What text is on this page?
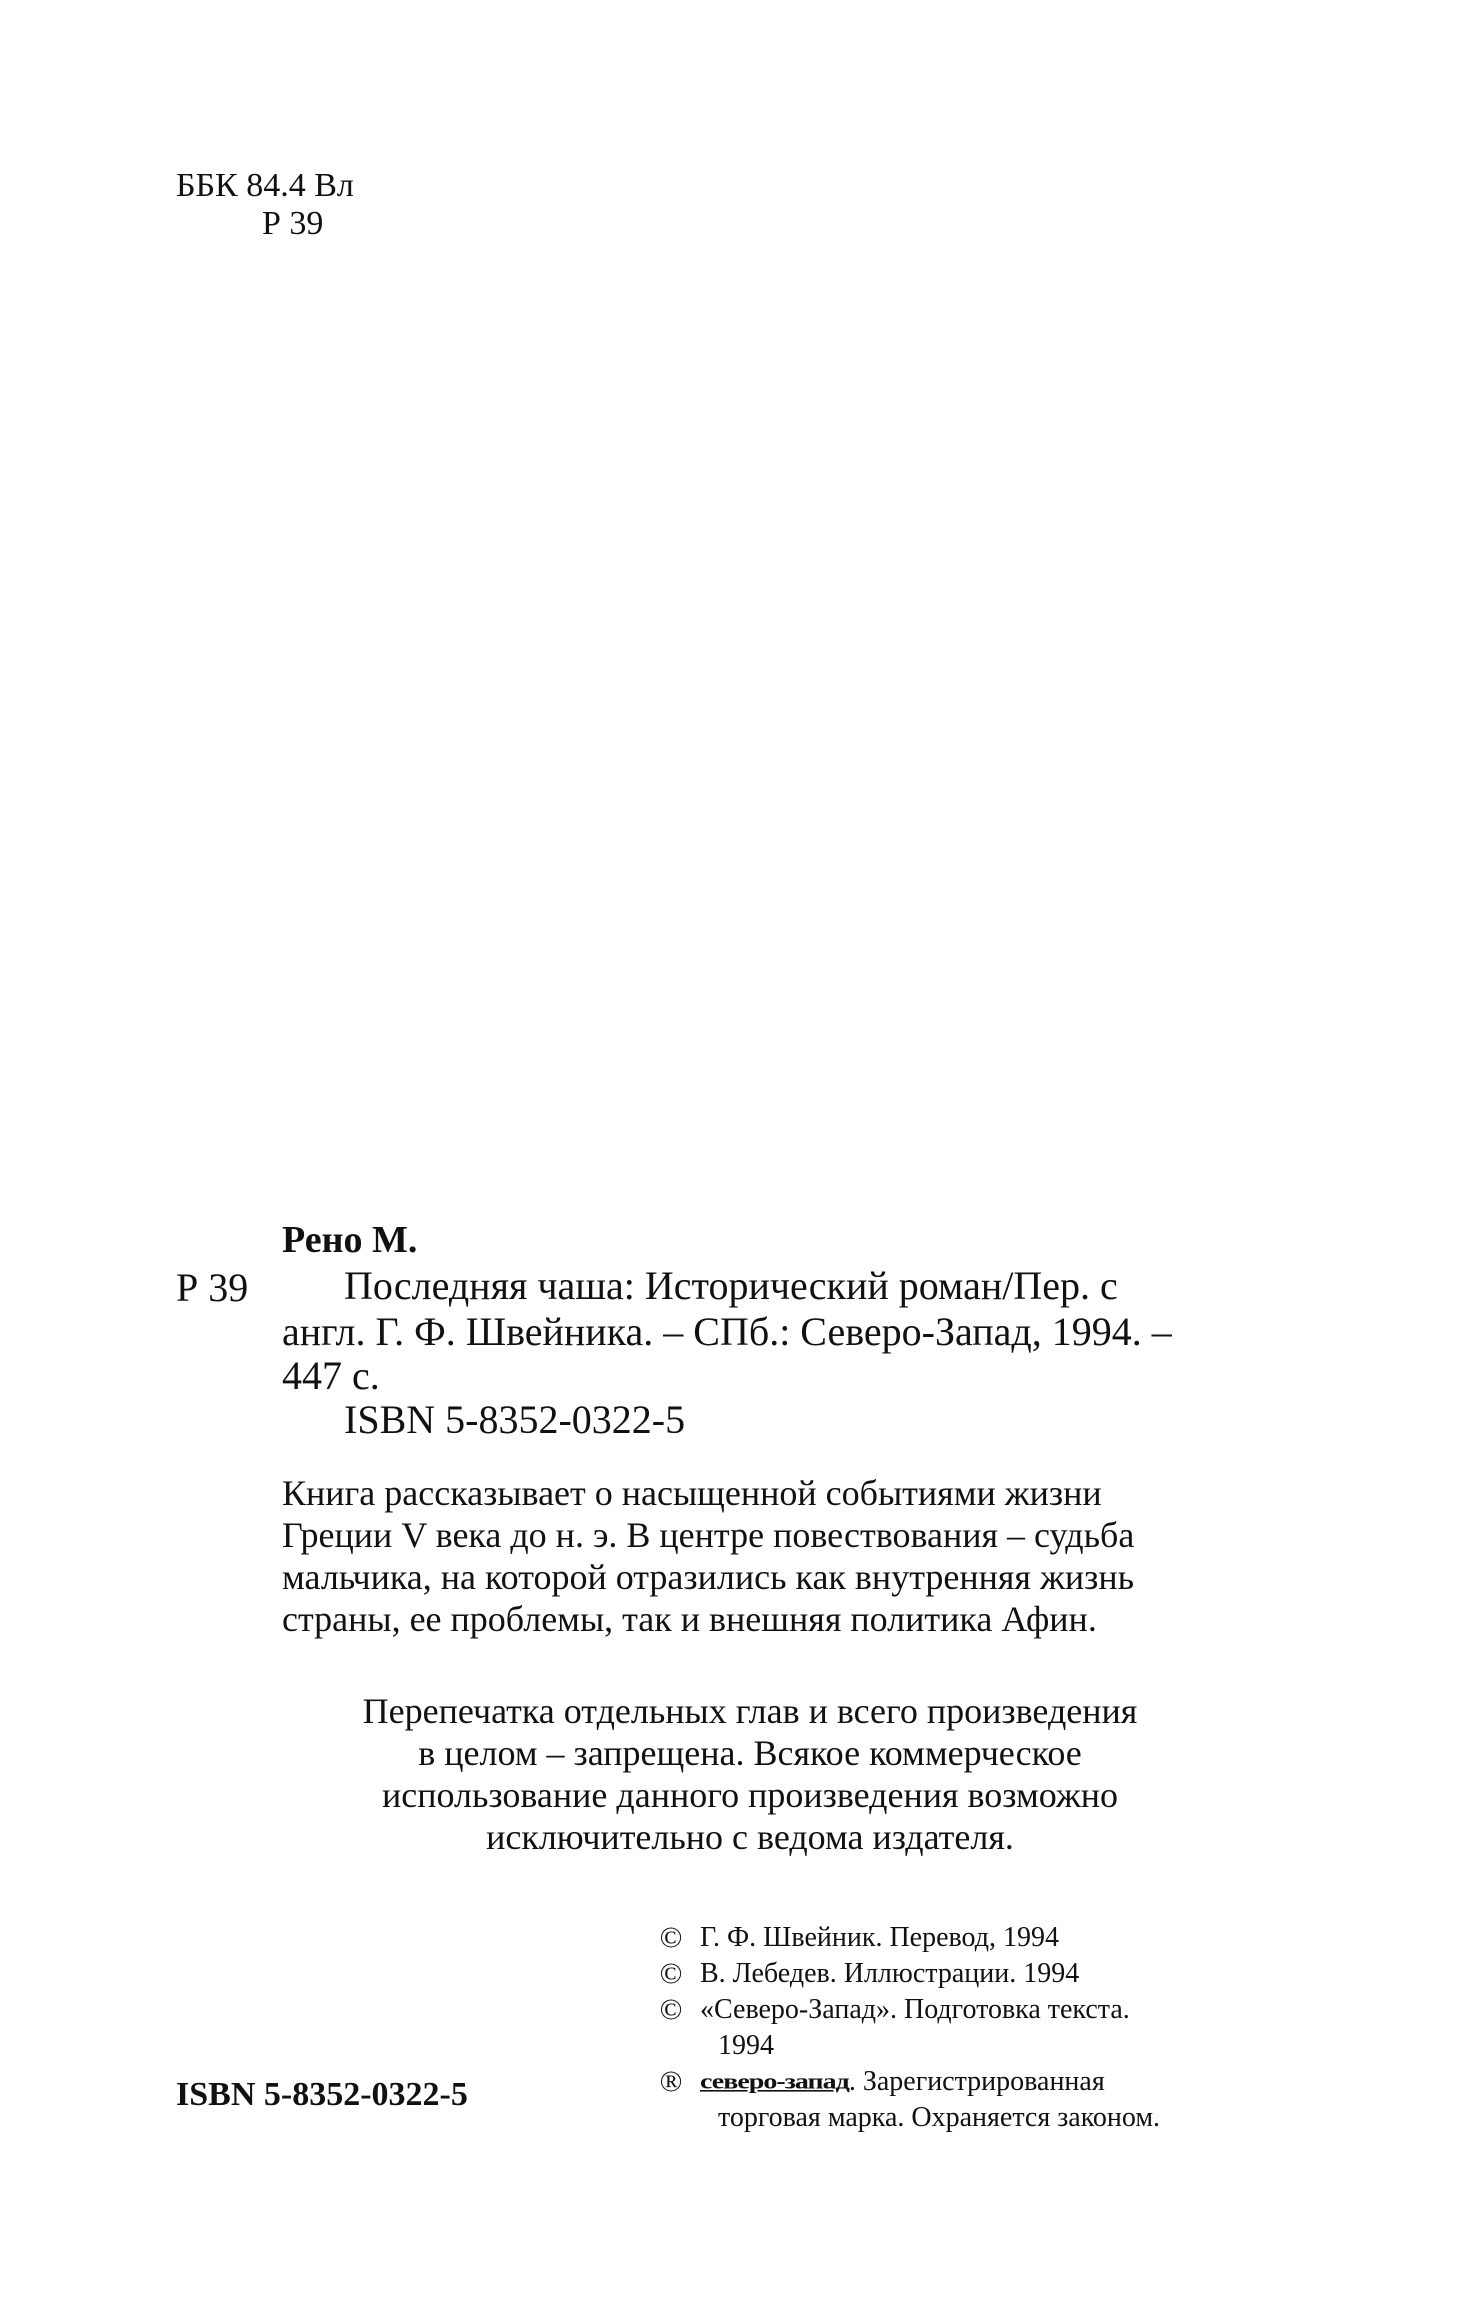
ББК 84.4 Вл
Р 39
Рено М.
Р 39 Последняя чаша: Исторический роман/Пер. с
англ. Г. Ф. Швейника. – СПб.: Северо-Запад, 1994. –
447 с.
ISBN 5-8352-0322-5
Книга рассказывает о насыщенной событиями жизни
Греции V века до н. э. В центре повествования – судьба
мальчика, на которой отразились как внутренняя жизнь
страны, ее проблемы, так и внешняя политика Афин.
Перепечатка отдельных глав и всего произведения
в целом – запрещена. Всякое коммерческое
использование данного произведения возможно
исключительно с ведома издателя.
© Г. Ф. Швейник. Перевод, 1994
© В. Лебедев. Иллюстрации. 1994
© «Северо-Запад». Подготовка текста.
1994
® северо-запад. Зарегистрированная
торговая марка. Охраняется законом.
ISBN 5-8352-0322-5
